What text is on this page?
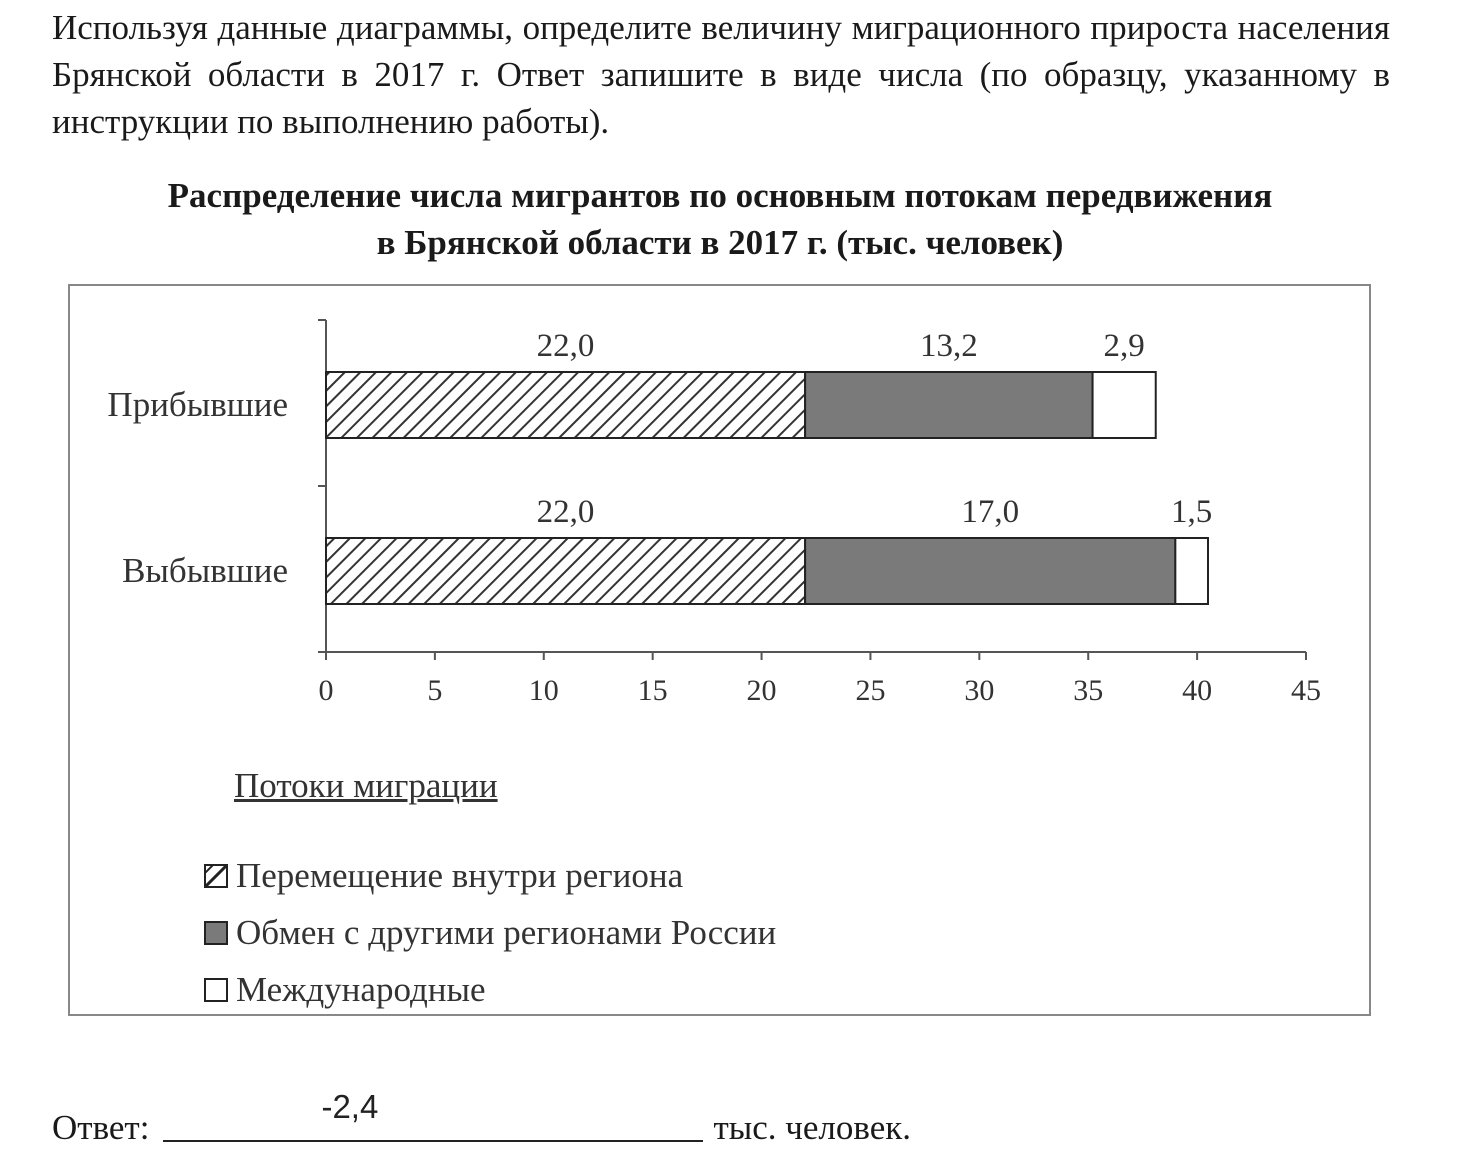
Используя данные диаграммы, определите величину миграционного прироста населения Брянской области в 2017 г. Ответ запишите в виде числа (по образцу, указанному в инструкции по выполнению работы).
Распределение числа мигрантов по основным потокам передвижения
в Брянской области в 2017 г. (тыс. человек)
0	5	10	15	20	25	30	35	40	45
Прибывшие
22,0	13,2	2,9
Выбывшие
22,0	17,0	1,5
Потоки миграции
Перемещение внутри региона
Обмен с другими регионами России
Международные
Ответ:
-2,4
тыс. человек.
